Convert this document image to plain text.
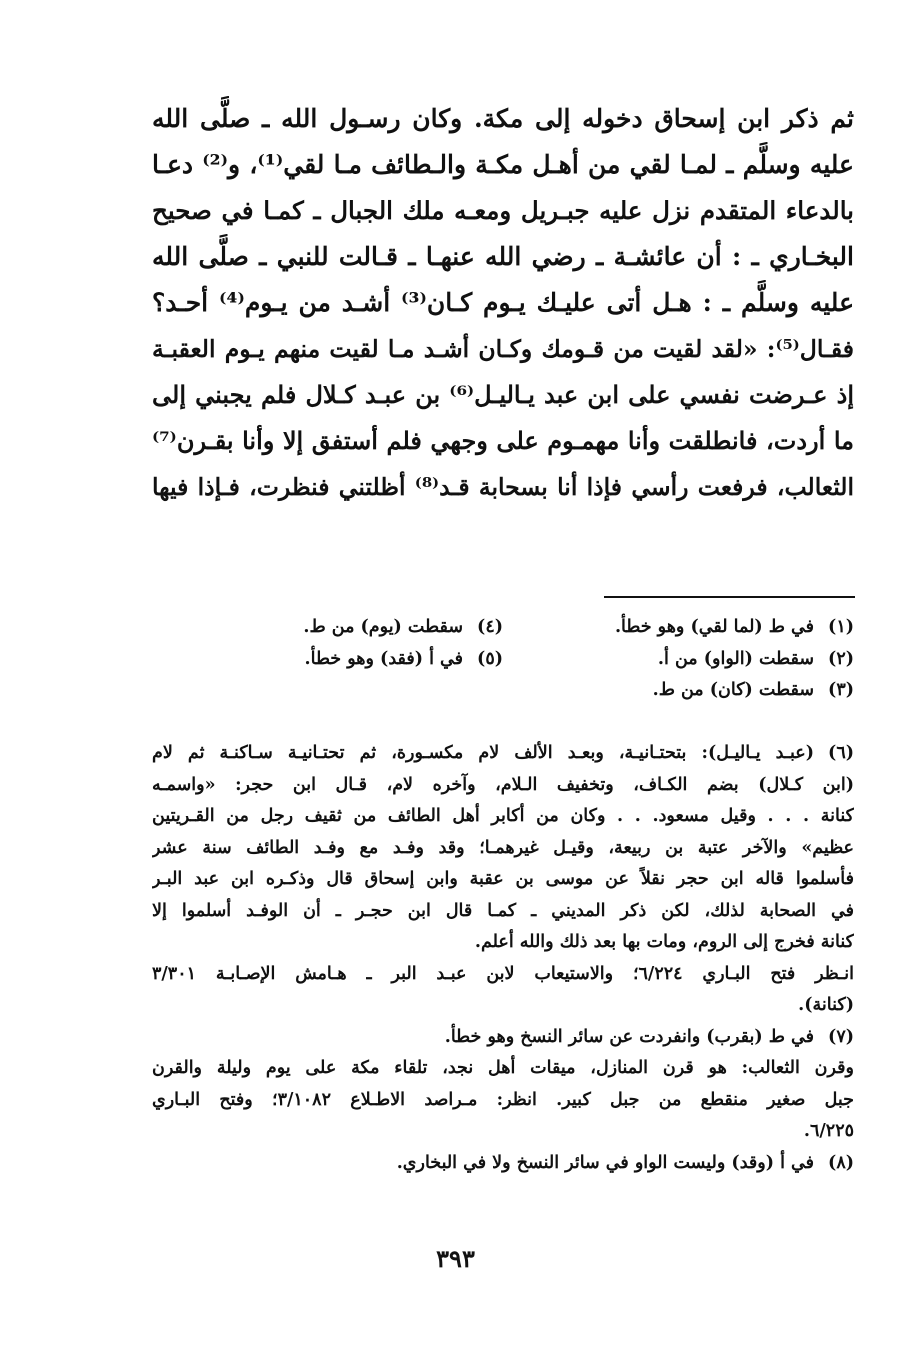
ثم ذكر ابن إسحاق دخوله إلى مكة. وكان رسـول الله ـ صلَّى الله
عليه وسلَّم ـ لمـا لقي من أهـل مكـة والـطائف مـا لقي⁽¹⁾، و⁽²⁾ دعـا
بالدعاء المتقدم نزل عليه جبـريل ومعـه ملك الجبال ـ كمـا في صحيح
البخـاري ـ : أن عائشـة ـ رضي الله عنهـا ـ قـالت للنبي ـ صلَّى الله
عليه وسلَّم ـ : هـل أتى عليـك يـوم كـان⁽³⁾ أشـد من يـوم⁽⁴⁾ أحـد؟
فقـال⁽⁵⁾: «لقد لقيت من قـومك وكـان أشـد مـا لقيت منهم يـوم العقبـة
إذ عـرضت نفسي على ابن عبد يـاليـل⁽⁶⁾ بن عبـد كـلال فلم يجبني إلى
ما أردت، فانطلقت وأنا مهمـوم على وجهي فلم أستفق إلا وأنا بقـرن⁽⁷⁾
الثعالب، فرفعت رأسي فإذا أنا بسحابة قـد⁽⁸⁾ أظلتني فنظرت، فـإذا فيها
(١)
في ط (لما لقي) وهو خطأ.
(٢)
سقطت (الواو) من أ.
(٣)
سقطت (كان) من ط.
(٤)
سقطت (يوم) من ط.
(٥)
في أ (فقد) وهو خطأ.
(٦)
(عبـد يـاليـل): بتحتـانيـة، وبعـد الألف لام مكسـورة، ثم تحتـانيـة سـاكنـة ثم لام
(ابن كـلال) بضم الكـاف، وتخفيف الـلام، وآخره لام، قـال ابن حجر: «واسمـه
كنانة . . . وقيل مسعود. . . وكان من أكابر أهل الطائف من ثقيف رجل من القـريتين
عظيم» والآخر عتبة بن ربيعة، وقيـل غيرهمـا؛ وقد وفـد مع وفـد الطائف سنة عشر
فأسلموا قاله ابن حجر نقلاً عن موسى بن عقبة وابن إسحاق قال وذكـره ابن عبد البـر
في الصحابة لذلك، لكن ذكر المديني ـ كمـا قال ابن حجـر ـ أن الوفـد أسلموا إلا
كنانة فخرج إلى الروم، ومات بها بعد ذلك والله أعلم.
انـظر فتح البـاري ٦/٢٢٤؛ والاستيعاب لابن عبـد البر ـ هـامش الإصـابـة ٣/٣٠١
(كنانة).
(٧)
في ط (بقرب) وانفردت عن سائر النسخ وهو خطأ.
وقرن الثعالب: هو قرن المنازل، ميقات أهل نجد، تلقاء مكة على يوم وليلة والقرن
جبل صغير منقطع من جبل كبير. انظر: مـراصد الاطـلاع ٣/١٠٨٢؛ وفتح البـاري
٦/٢٢٥.
(٨)
في أ (وقد) وليست الواو في سائر النسخ ولا في البخاري.
٣٩٣
